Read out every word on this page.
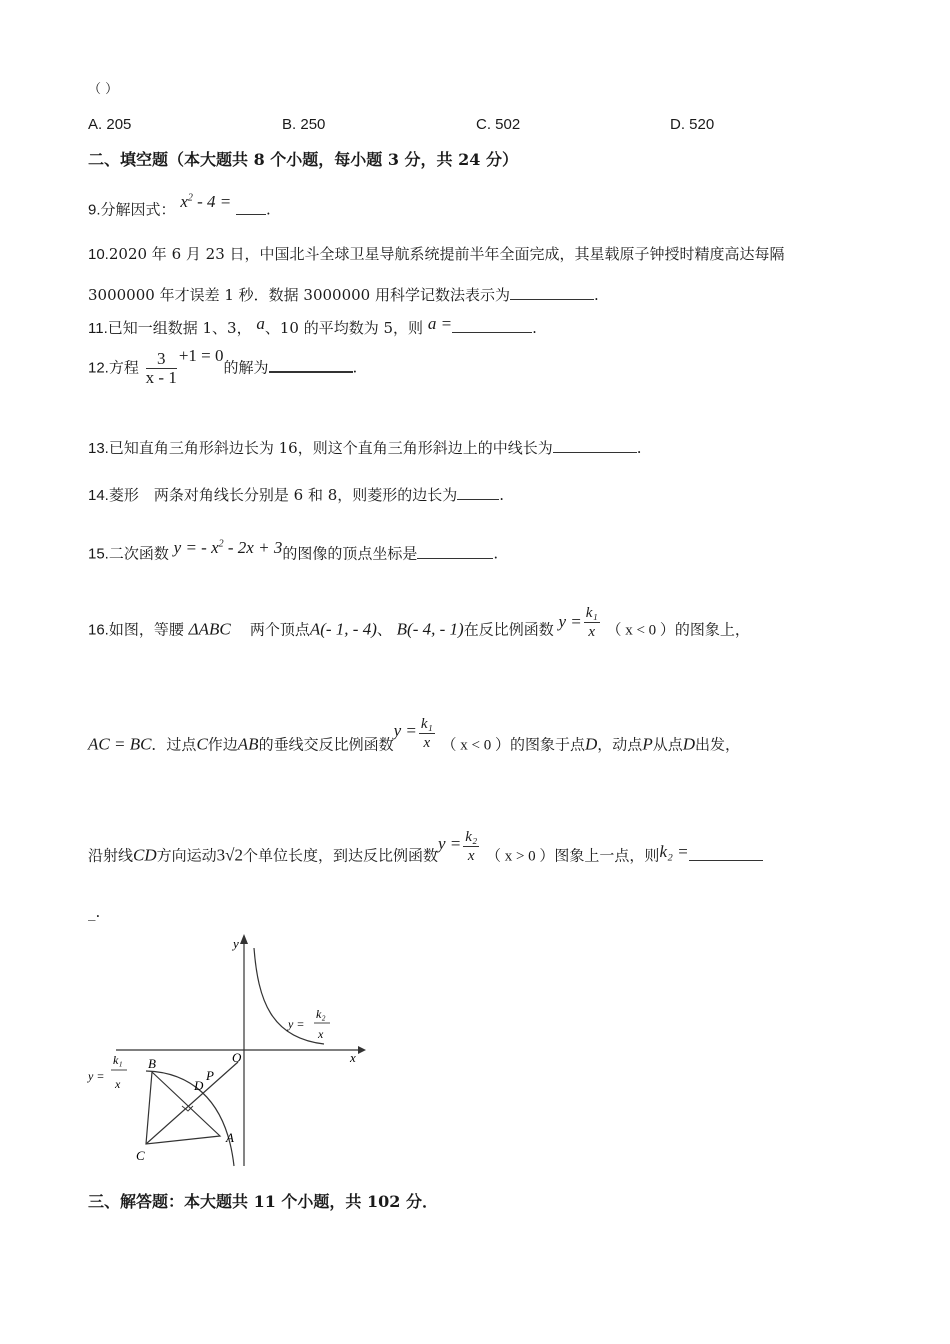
（ ）
A. 205	B. 250	C. 502	D. 520
二、填空题（本大题共 8 个小题，每小题 3 分，共 24 分）
9.分解因式： $x^2 - 4$ = .
10.2020 年 6 月 23 日，中国北斗全球卫星导航系统提前半年全面完成，其星载原子钟授时精度高达每隔
3000000 年才误差 1 秒．数据 3000000 用科学记数法表示为	.
11.已知一组数据 1、3， a、10 的平均数为 5，则 a =	.
12.方程 $\frac{3}{x - 1} +1 = 0$的解为	.
13.已知直角三角形斜边长为 16，则这个直角三角形斜边上的中线长为	.
14.菱形　两条对角线长分别是 6 和 8，则菱形的边长为	.
15.二次函数 y = - $x^2 - 2x + 3$的图像的顶点坐标是	.
16.如图，等腰 ΔABC 两个顶点A(- 1, - 4)、 B(- 4, - 1)在反比例函数 $y = \frac{\text{k₁}}{x}$ （ x < 0 ）的图象上，
AC = BC．过点C作边AB的垂线交反比例函数$y = \frac{\text{k₁}}{x}$ （ x < 0 ）的图象于点D，动点P从点D出发，
沿射线CD方向运动3√2个单位长度，到达反比例函数$y = \frac{\text{k₂}}{x}$ （ x > 0 ）图象上一点，则k₂ =
_.
y
x
O
B
C
A
D
P
y =
k₂
x
y =
k₁
x
三、解答题：本大题共 11 个小题，共 102 分．
